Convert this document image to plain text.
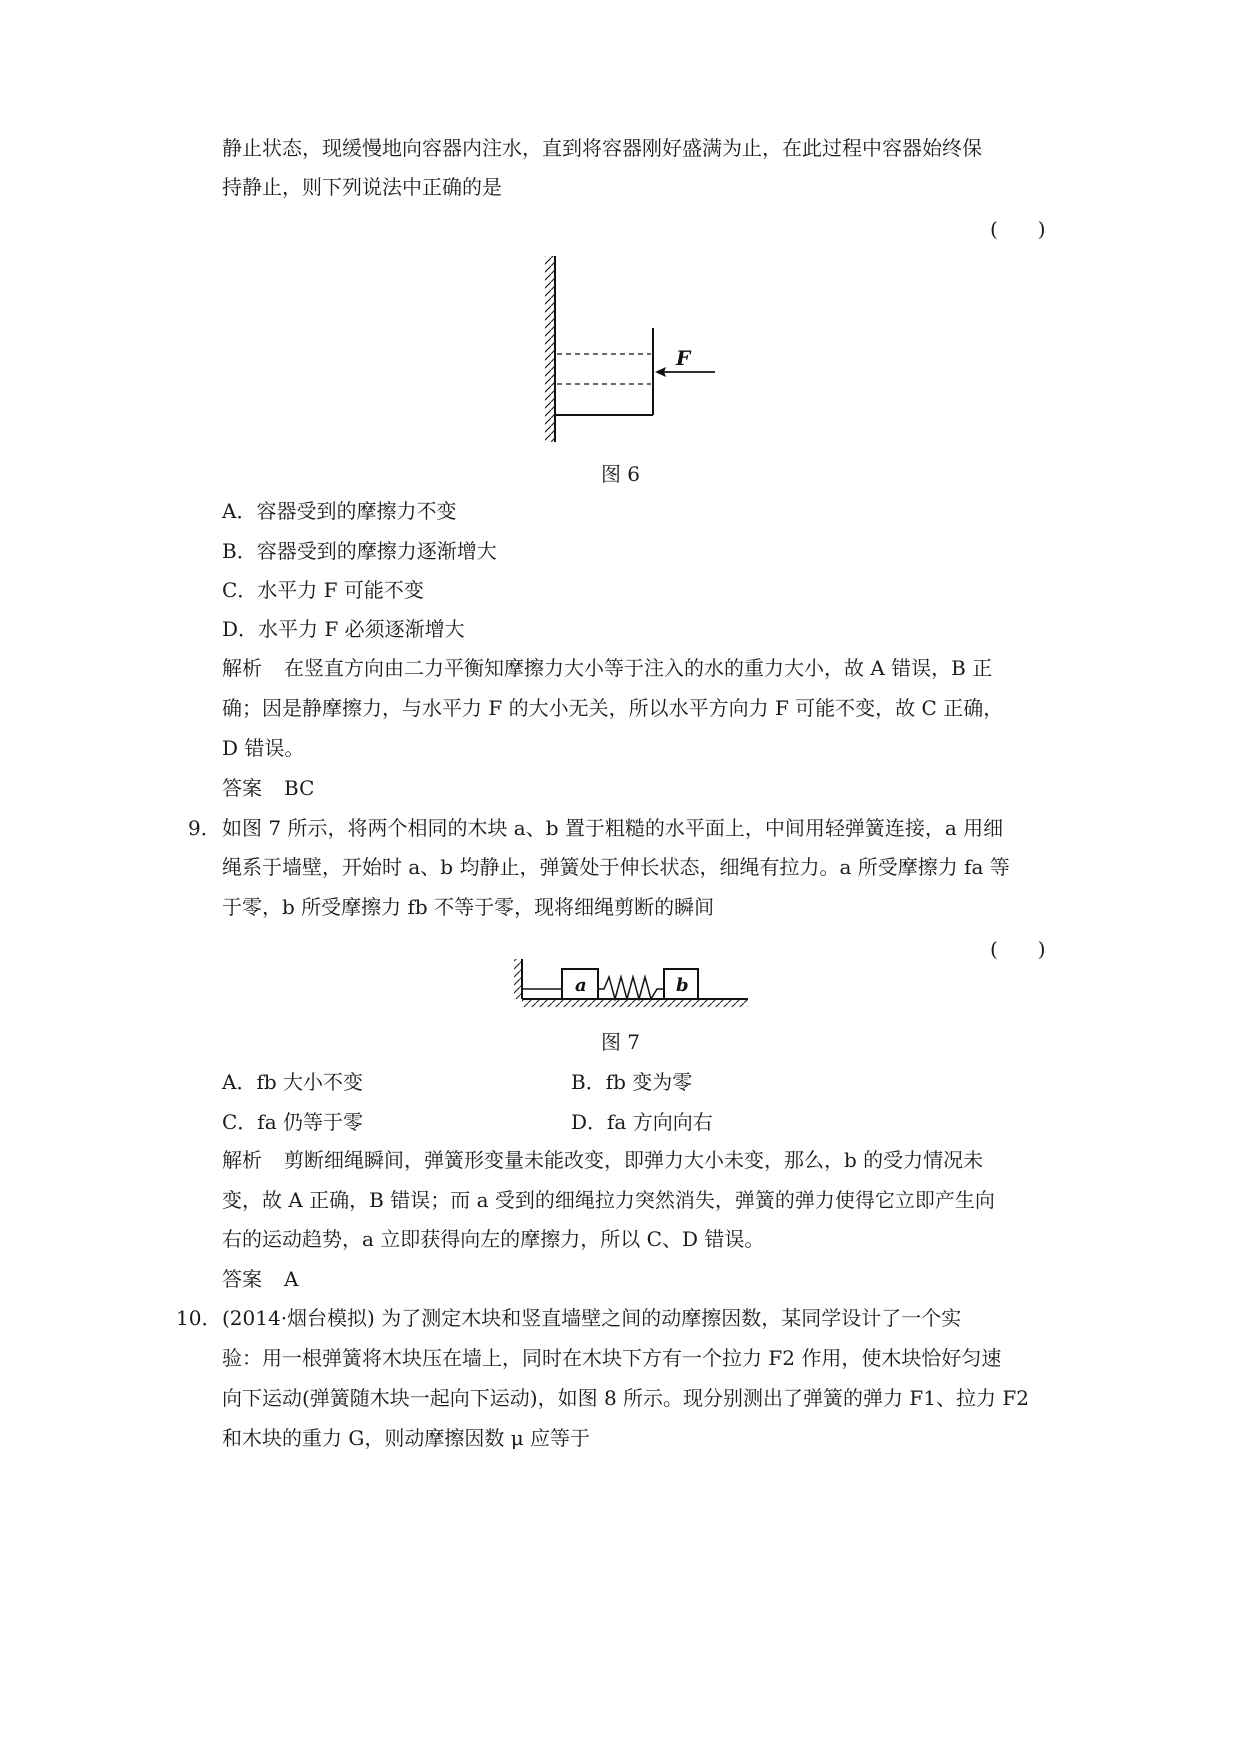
静止状态，现缓慢地向容器内注水，直到将容器刚好盛满为止，在此过程中容器始终保
持静止，则下列说法中正确的是
(　　)
F
图 6
A．容器受到的摩擦力不变
B．容器受到的摩擦力逐渐增大
C．水平力 F 可能不变
D．水平力 F 必须逐渐增大
解析 在竖直方向由二力平衡知摩擦力大小等于注入的水的重力大小，故 A 错误，B 正
确；因是静摩擦力，与水平力 F 的大小无关，所以水平方向力 F 可能不变，故 C 正确，
D 错误。
答案 BC
9． 如图 7 所示，将两个相同的木块 a、b 置于粗糙的水平面上，中间用轻弹簧连接，a 用细
绳系于墙壁，开始时 a、b 均静止，弹簧处于伸长状态，细绳有拉力。a 所受摩擦力 fa 等
于零，b 所受摩擦力 fb 不等于零，现将细绳剪断的瞬间
(　　)
a	b
图 7
A．fb 大小不变	B．fb 变为零
C．fa 仍等于零	D．fa 方向向右
解析 剪断细绳瞬间，弹簧形变量未能改变，即弹力大小未变，那么，b 的受力情况未
变，故 A 正确，B 错误；而 a 受到的细绳拉力突然消失，弹簧的弹力使得它立即产生向
右的运动趋势，a 立即获得向左的摩擦力，所以 C、D 错误。
答案 A
10． (2014·烟台模拟) 为了测定木块和竖直墙壁之间的动摩擦因数，某同学设计了一个实
验：用一根弹簧将木块压在墙上，同时在木块下方有一个拉力 F2 作用，使木块恰好匀速
向下运动(弹簧随木块一起向下运动)，如图 8 所示。现分别测出了弹簧的弹力 F1、拉力 F2
和木块的重力 G，则动摩擦因数 μ 应等于
